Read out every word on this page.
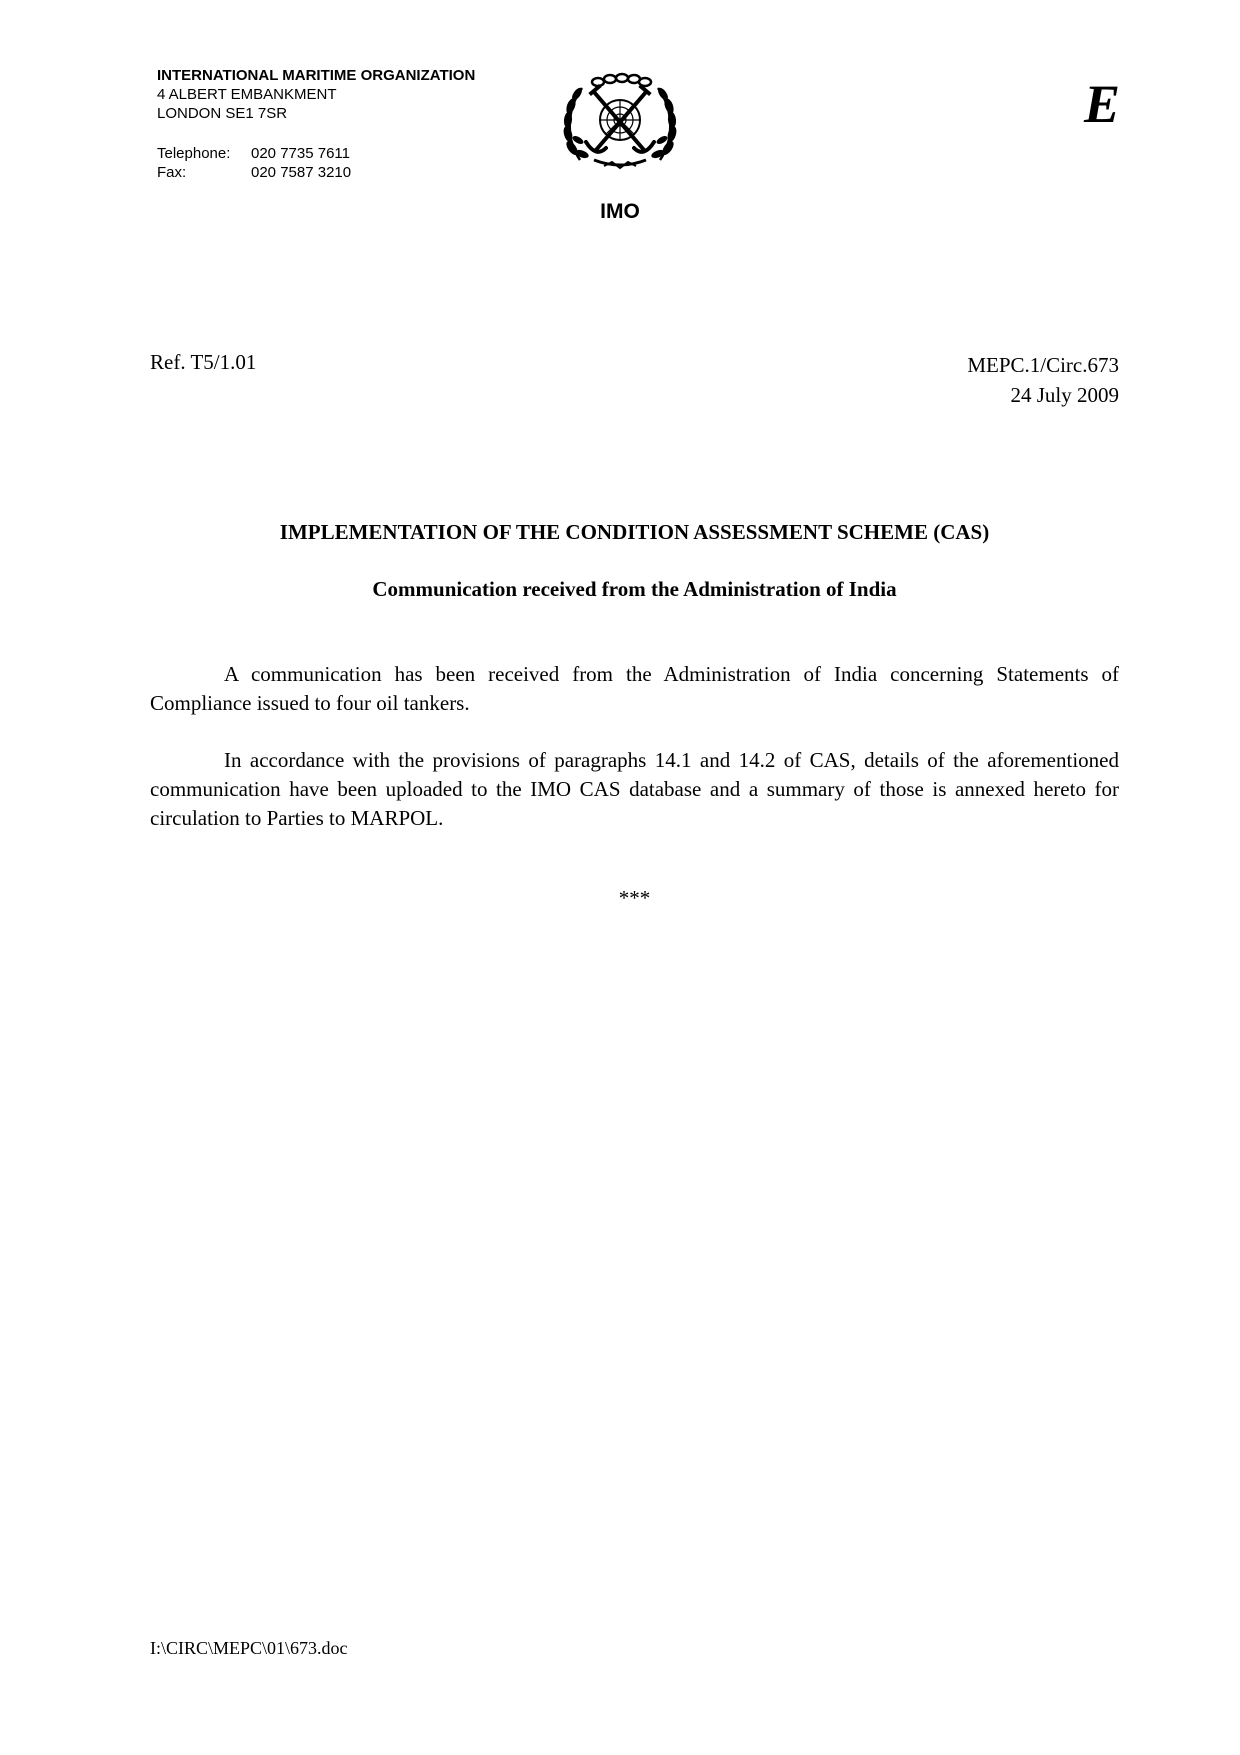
INTERNATIONAL MARITIME ORGANIZATION
4 ALBERT EMBANKMENT
LONDON SE1 7SR
Telephone:	020 7735 7611
Fax:	020 7587 3210
IMO
E
Ref. T5/1.01	MEPC.1/Circ.673
24 July 2009
IMPLEMENTATION OF THE CONDITION ASSESSMENT SCHEME (CAS)
Communication received from the Administration of India
A communication has been received from the Administration of India concerning Statements of Compliance issued to four oil tankers.
In accordance with the provisions of paragraphs 14.1 and 14.2 of CAS, details of the aforementioned communication have been uploaded to the IMO CAS database and a summary of those is annexed hereto for circulation to Parties to MARPOL.
***
I:\CIRC\MEPC\01\673.doc
